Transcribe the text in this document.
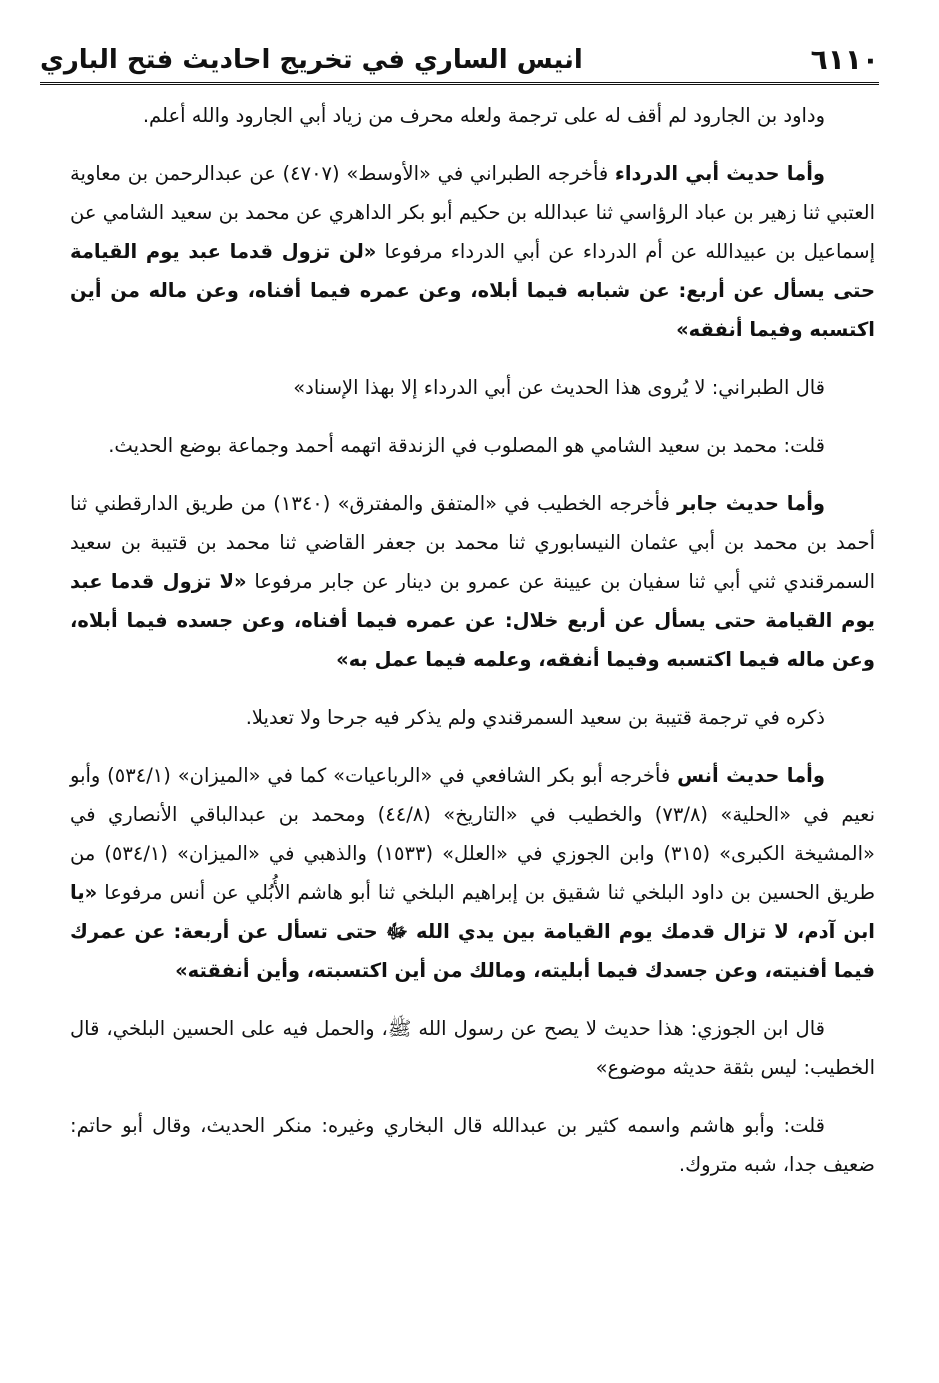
٦١١٠
انيس الساري في تخريج احاديث فتح الباري

وداود بن الجارود لم أقف له على ترجمة ولعله محرف من زياد أبي الجارود والله أعلم.

وأما حديث أبي الدرداء فأخرجه الطبراني في «الأوسط» (٤٧٠٧) عن عبدالرحمن بن معاوية العتبي ثنا زهير بن عباد الرؤاسي ثنا عبدالله بن حكيم أبو بكر الداهري عن محمد بن سعيد الشامي عن إسماعيل بن عبيدالله عن أم الدرداء عن أبي الدرداء مرفوعا «لن تزول قدما عبد يوم القيامة حتى يسأل عن أربع: عن شبابه فيما أبلاه، وعن عمره فيما أفناه، وعن ماله من أين اكتسبه وفيما أنفقه»

قال الطبراني: لا يُروى هذا الحديث عن أبي الدرداء إلا بهذا الإسناد»

قلت: محمد بن سعيد الشامي هو المصلوب في الزندقة اتهمه أحمد وجماعة بوضع الحديث.

وأما حديث جابر فأخرجه الخطيب في «المتفق والمفترق» (١٣٤٠) من طريق الدارقطني ثنا أحمد بن محمد بن أبي عثمان النيسابوري ثنا محمد بن جعفر القاضي ثنا محمد بن قتيبة بن سعيد السمرقندي ثني أبي ثنا سفيان بن عيينة عن عمرو بن دينار عن جابر مرفوعا «لا تزول قدما عبد يوم القيامة حتى يسأل عن أربع خلال: عن عمره فيما أفناه، وعن جسده فيما أبلاه، وعن ماله فيما اكتسبه وفيما أنفقه، وعلمه فيما عمل به»

ذكره في ترجمة قتيبة بن سعيد السمرقندي ولم يذكر فيه جرحا ولا تعديلا.

وأما حديث أنس فأخرجه أبو بكر الشافعي في «الرباعيات» كما في «الميزان» (٥٣٤/١) وأبو نعيم في «الحلية» (٧٣/٨) والخطيب في «التاريخ» (٤٤/٨) ومحمد بن عبدالباقي الأنصاري في «المشيخة الكبرى» (٣١٥) وابن الجوزي في «العلل» (١٥٣٣) والذهبي في «الميزان» (٥٣٤/١) من طريق الحسين بن داود البلخي ثنا شقيق بن إبراهيم البلخي ثنا أبو هاشم الأُبُلي عن أنس مرفوعا «يا ابن آدم، لا تزال قدمك يوم القيامة بين يدي الله ﷻ حتى تسأل عن أربعة: عن عمرك فيما أفنيته، وعن جسدك فيما أبليته، ومالك من أين اكتسبته، وأين أنفقته»

قال ابن الجوزي: هذا حديث لا يصح عن رسول الله ﷺ، والحمل فيه على الحسين البلخي، قال الخطيب: ليس بثقة حديثه موضوع»

قلت: وأبو هاشم واسمه كثير بن عبدالله قال البخاري وغيره: منكر الحديث، وقال أبو حاتم: ضعيف جدا، شبه متروك.
